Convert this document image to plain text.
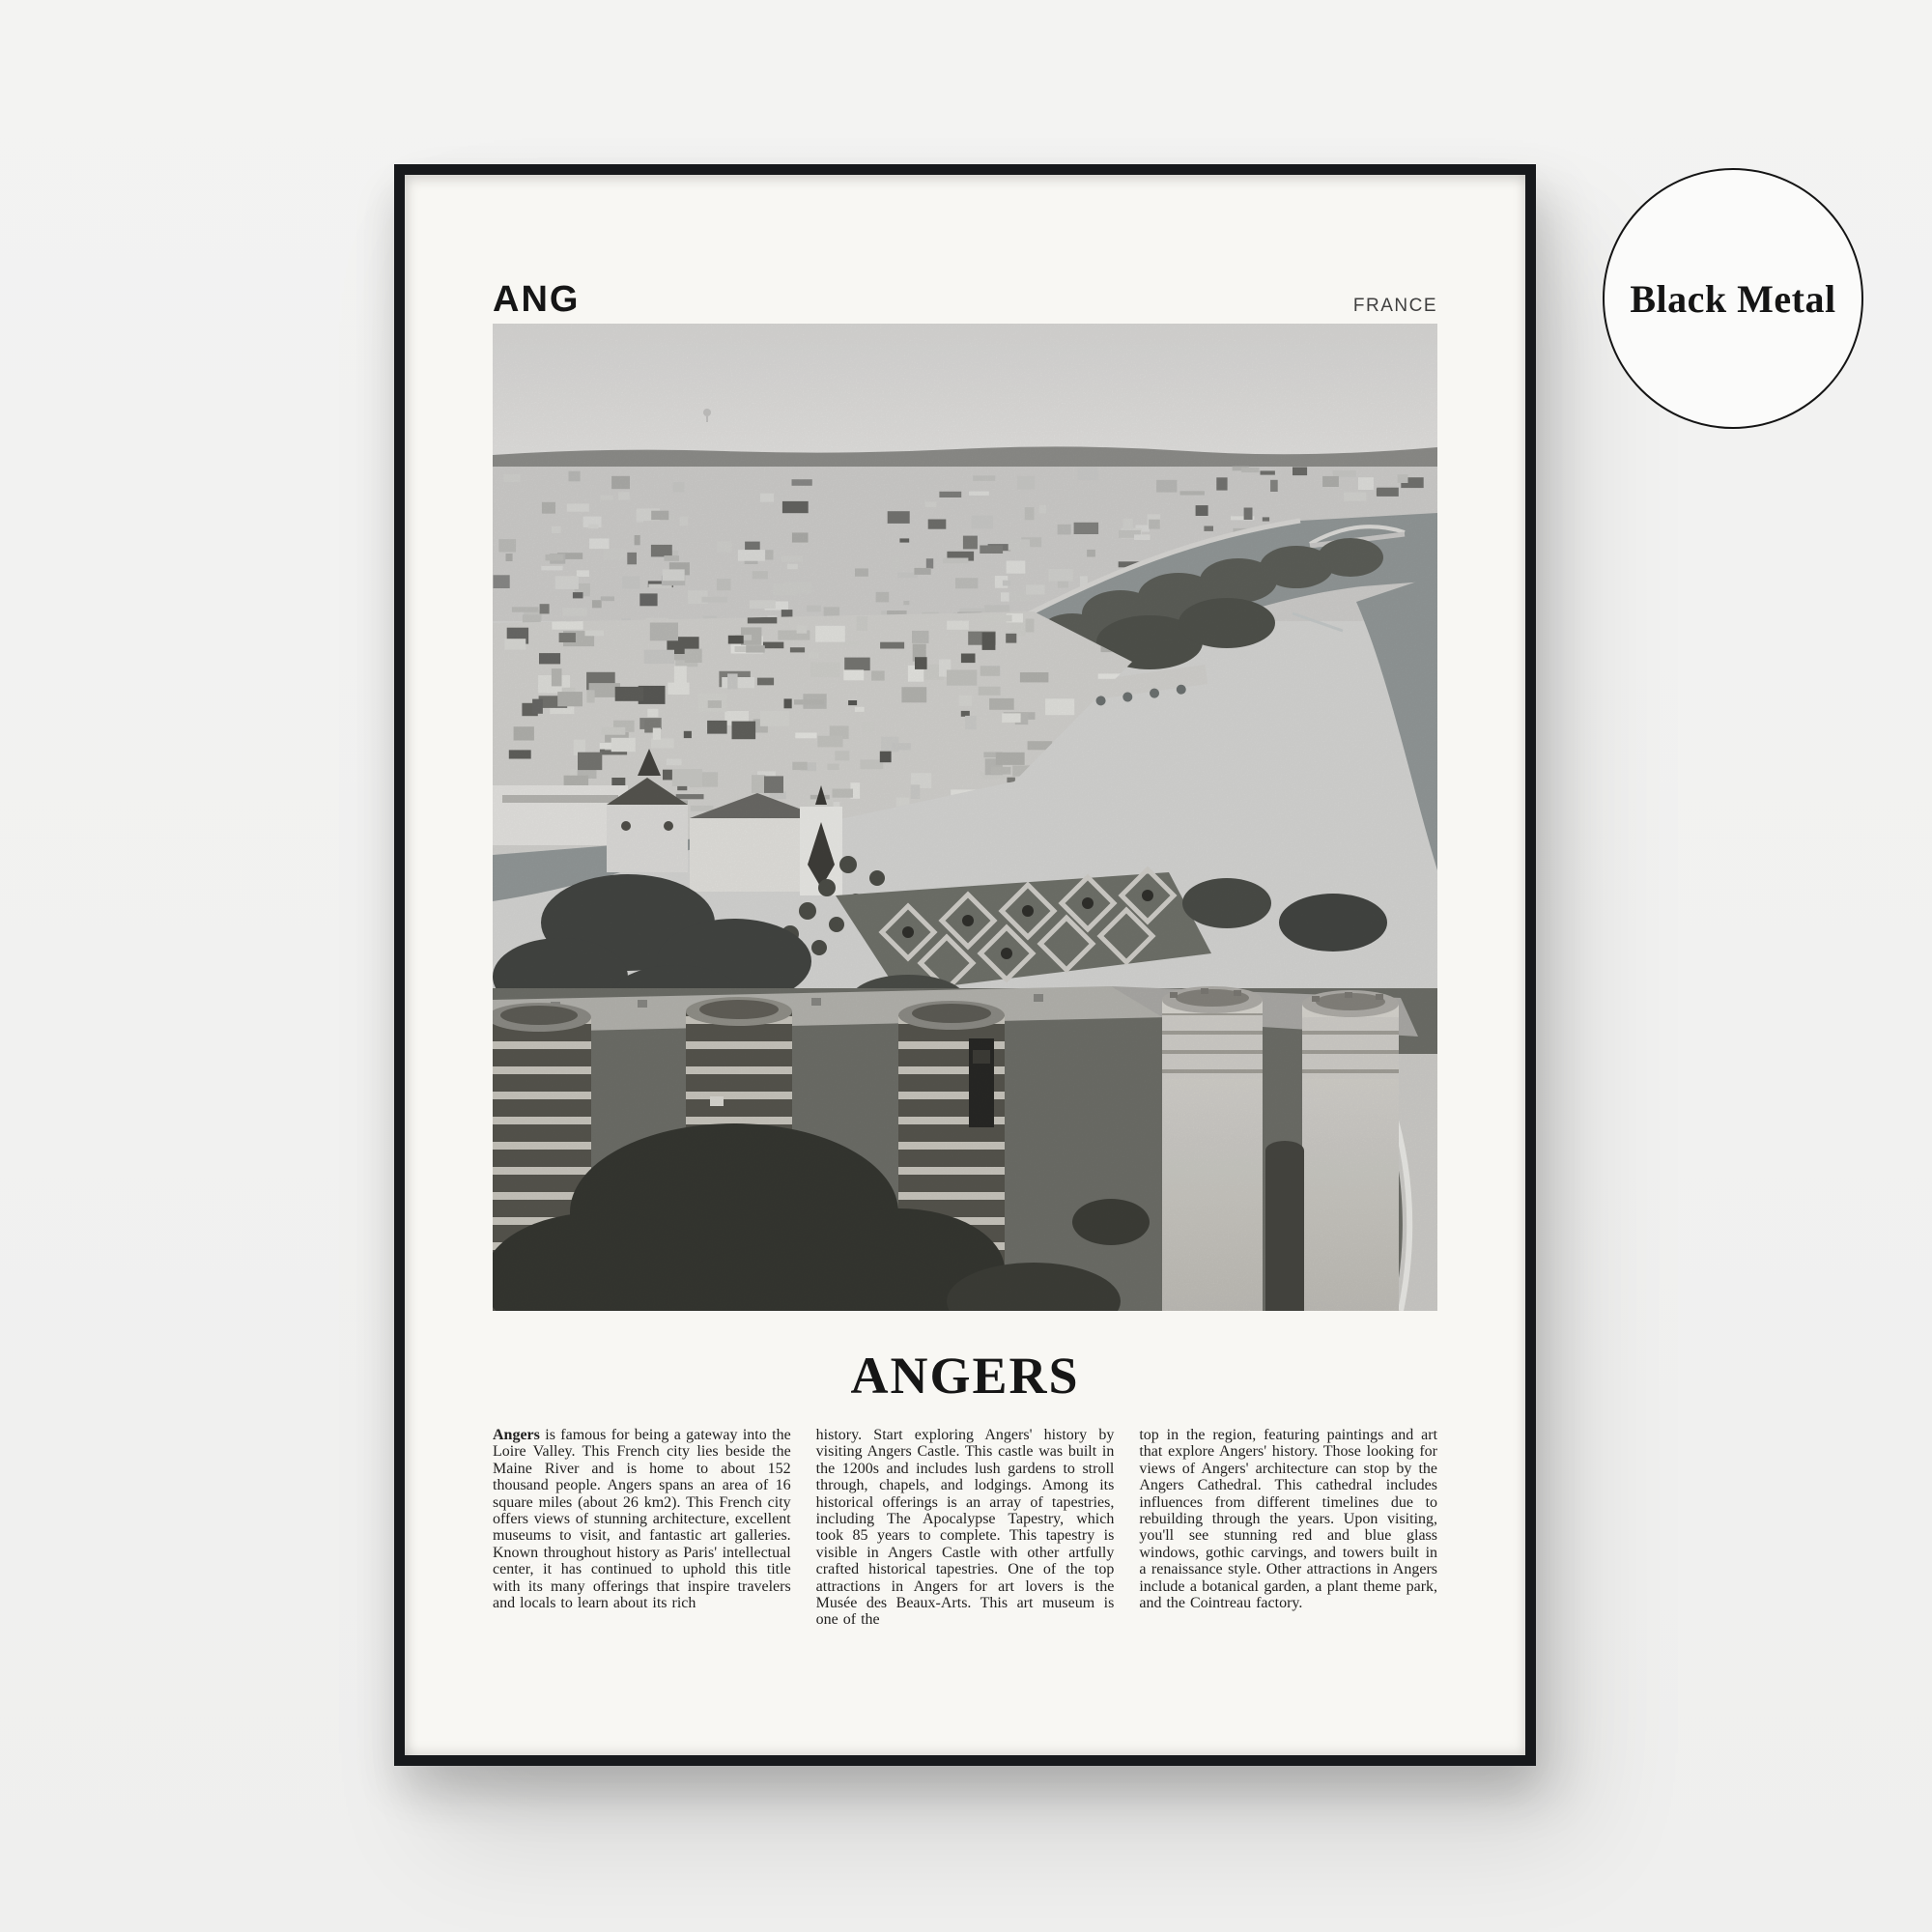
ANG	FRANCE
ANGERS

Angers is famous for being a gateway into the Loire Valley. This French city lies beside the Maine River and is home to about 152 thousand people. Angers spans an area of 16 square miles (about 26 km2). This French city offers views of stunning architecture, excellent museums to visit, and fantastic art galleries. Known throughout history as Paris' intellectual center, it has continued to uphold this title with its many offerings that inspire travelers and locals to learn about its rich

history. Start exploring Angers' history by visiting Angers Castle. This castle was built in the 1200s and includes lush gardens to stroll through, chapels, and lodgings. Among its historical offerings is an array of tapestries, including The Apocalypse Tapestry, which took 85 years to complete. This tapestry is visible in Angers Castle with other artfully crafted historical tapestries. One of the top attractions in Angers for art lovers is the Musée des Beaux-Arts. This art museum is one of the

top in the region, featuring paintings and art that explore Angers' history. Those looking for views of Angers' architecture can stop by the Angers Cathedral. This cathedral includes influences from different timelines due to rebuilding through the years. Upon visiting, you'll see stunning red and blue glass windows, gothic carvings, and towers built in a renaissance style. Other attractions in Angers include a botanical garden, a plant theme park, and the Cointreau factory.

Black Metal
